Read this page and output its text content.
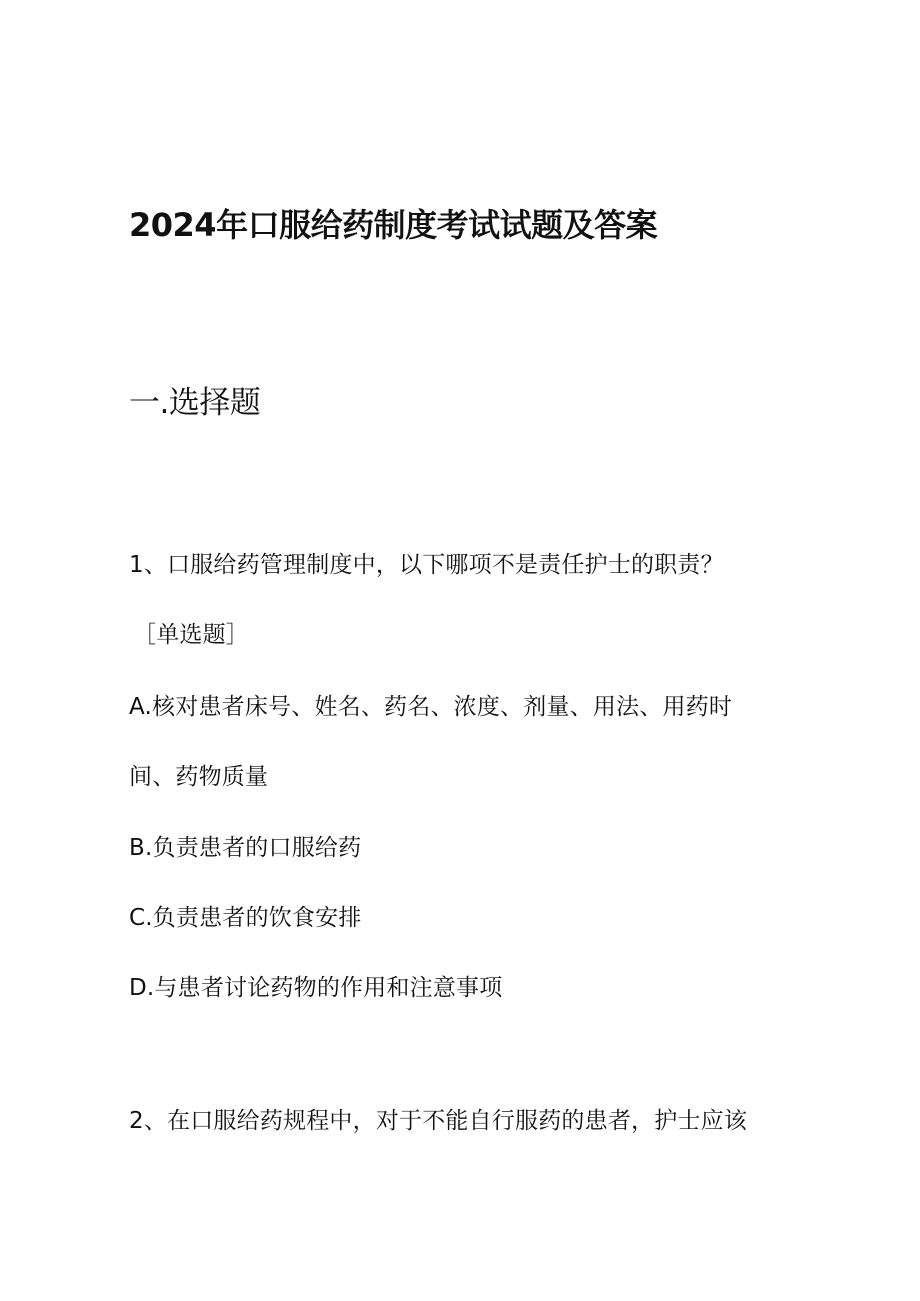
2024年口服给药制度考试试题及答案
一.选择题
1、口服给药管理制度中，以下哪项不是责任护士的职责？
［单选题］
A.核对患者床号、姓名、药名、浓度、剂量、用法、用药时
间、药物质量
B.负责患者的口服给药
C.负责患者的饮食安排
D.与患者讨论药物的作用和注意事项
2、在口服给药规程中，对于不能自行服药的患者，护士应该
